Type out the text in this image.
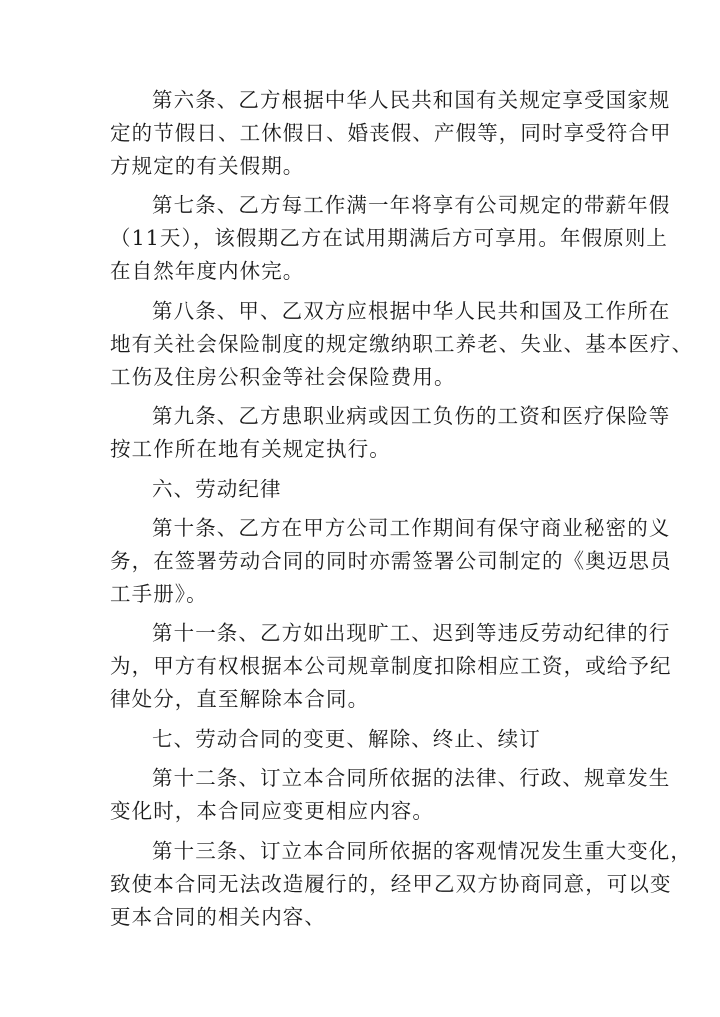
第六条、乙方根据中华人民共和国有关规定享受国家规
定的节假日、工休假日、婚丧假、产假等，同时享受符合甲
方规定的有关假期。
第七条、乙方每工作满一年将享有公司规定的带薪年假
（11天），该假期乙方在试用期满后方可享用。年假原则上
在自然年度内休完。
第八条、甲、乙双方应根据中华人民共和国及工作所在
地有关社会保险制度的规定缴纳职工养老、失业、基本医疗、
工伤及住房公积金等社会保险费用。
第九条、乙方患职业病或因工负伤的工资和医疗保险等
按工作所在地有关规定执行。
六、劳动纪律
第十条、乙方在甲方公司工作期间有保守商业秘密的义
务，在签署劳动合同的同时亦需签署公司制定的《奥迈思员
工手册》。
第十一条、乙方如出现旷工、迟到等违反劳动纪律的行
为，甲方有权根据本公司规章制度扣除相应工资，或给予纪
律处分，直至解除本合同。
七、劳动合同的变更、解除、终止、续订
第十二条、订立本合同所依据的法律、行政、规章发生
变化时，本合同应变更相应内容。
第十三条、订立本合同所依据的客观情况发生重大变化，
致使本合同无法改造履行的，经甲乙双方协商同意，可以变
更本合同的相关内容、
